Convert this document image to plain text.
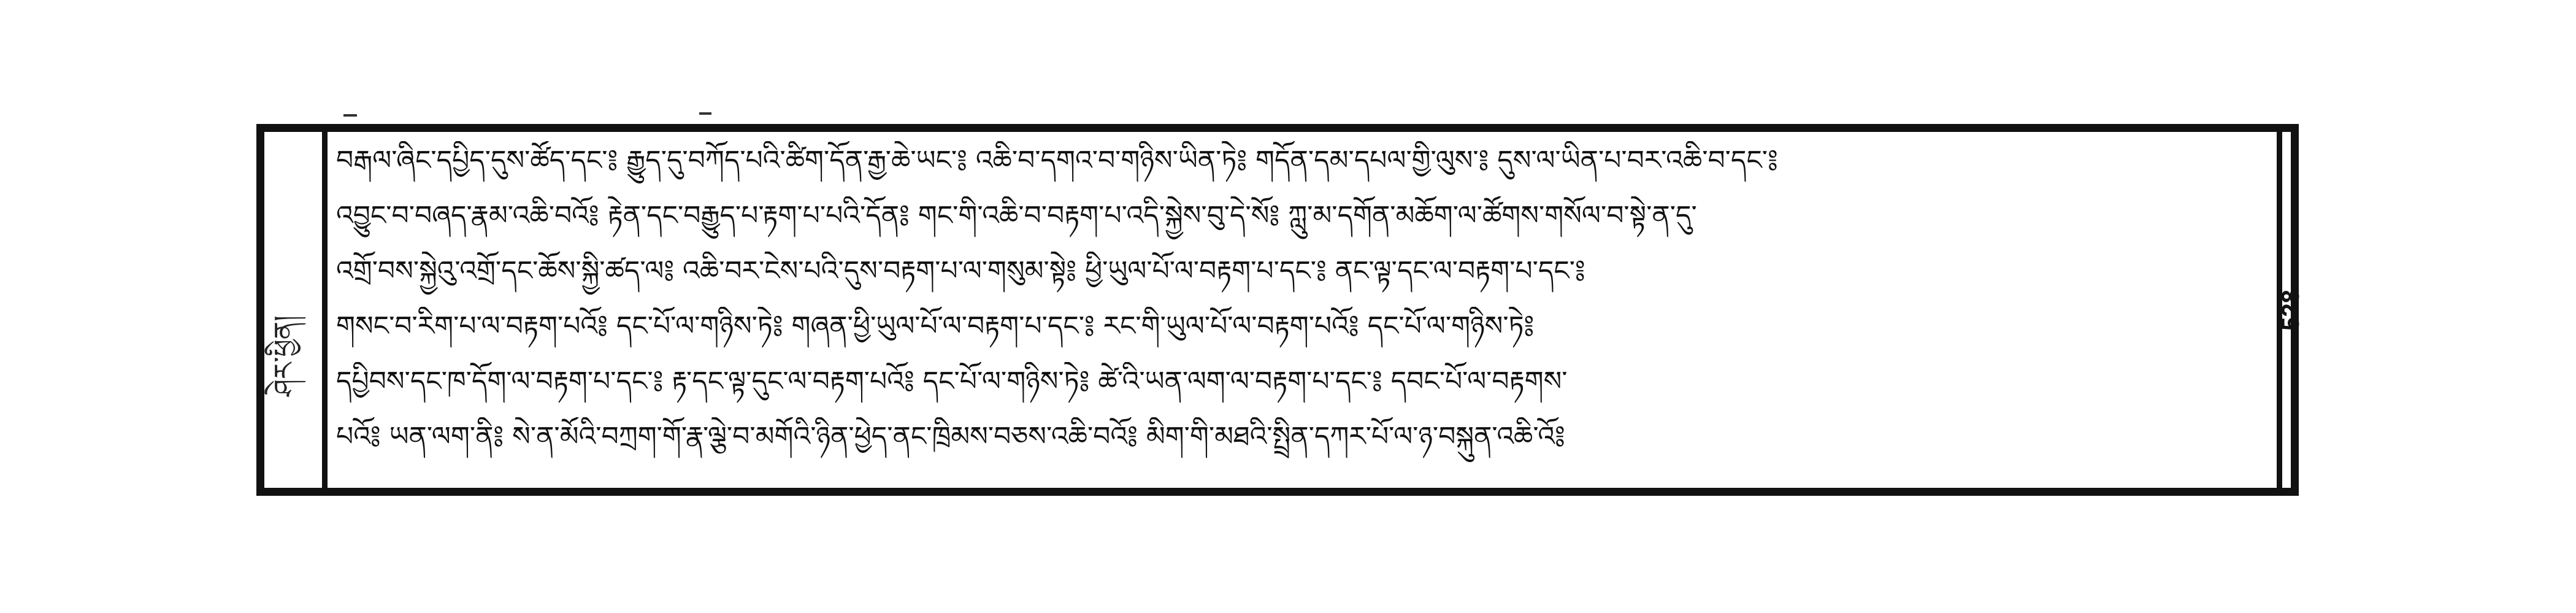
ཤེར་ཕྱིན།
528
བརྒལ་ཞིང་དཔྱིད་དུས་ཚོད་དང་༔ རྒྱུད་དུ་བཀོད་པའི་ཚིག་དོན་རྒྱ་ཆེ་ཡང་༔ འཆི་བ་དགའ་བ་གཉིས་ཡིན་ཏེ༔ གདོན་དམ་དཔལ་གྱི་ལུས་༔ དུས་ལ་ཡིན་པ་བར་འཆི་བ་དང་༔
འབྱུང་བ་བཞད་རྣམ་འཆི་བའོ༔ རྟེན་དང་བརྒྱུད་པ་རྟག་པ་པའི་དོན༔ གང་གི་འཆི་བ་བརྟག་པ་འདི་སྐྱེས་བུ་དེ་སོ༔ ཀླུ་མ་དགོན་མཆོག་ལ་ཚོགས་གསོལ་བ་སྟེ་ན་དུ་
འགྲོ་བས་སྐྱེའུ་འགྲོ་དང་ཆོས་སྐྱི་ཚད་ལ༔ འཆི་བར་ངེས་པའི་དུས་བརྟག་པ་ལ་གསུམ་སྟེ༔ ཕྱི་ཡུལ་པོ་ལ་བརྟག་པ་དང་༔ ནང་ལྟ་དང་ལ་བརྟག་པ་དང་༔
གསང་བ་རིག་པ་ལ་བརྟག་པའོ༔ དང་པོ་ལ་གཉིས་ཏེ༔ གཞན་ཕྱི་ཡུལ་པོ་ལ་བརྟག་པ་དང་༔ རང་གི་ཡུལ་པོ་ལ་བརྟག་པའོ༔ དང་པོ་ལ་གཉིས་ཏེ༔
དཔྱིབས་དང་ཁ་དོག་ལ་བརྟག་པ་དང་༔ རྟ་དང་ལྟ་དུང་ལ་བརྟག་པའོ༔ དང་པོ་ལ་གཉིས་ཏེ༔ ཚེ་འི་ཡན་ལག་ལ་བརྟག་པ་དང་༔ དབང་པོ་ལ་བརྟགས་
པའོ༔ ཡན་ལག་ནི༔ སེ་ན་མོའི་བཀྲག་གོ་རྣ་ལྕེ་བ་མགོའི་ཉིན་ཕྱེད་ནང་ཁྲིམས་བཅས་འཆི་བའོ༔ མིག་གི་མཐའི་སྤྲིན་དཀར་པོ་ལ་ཉ་བསྐུན་འཆི་འོ༔
